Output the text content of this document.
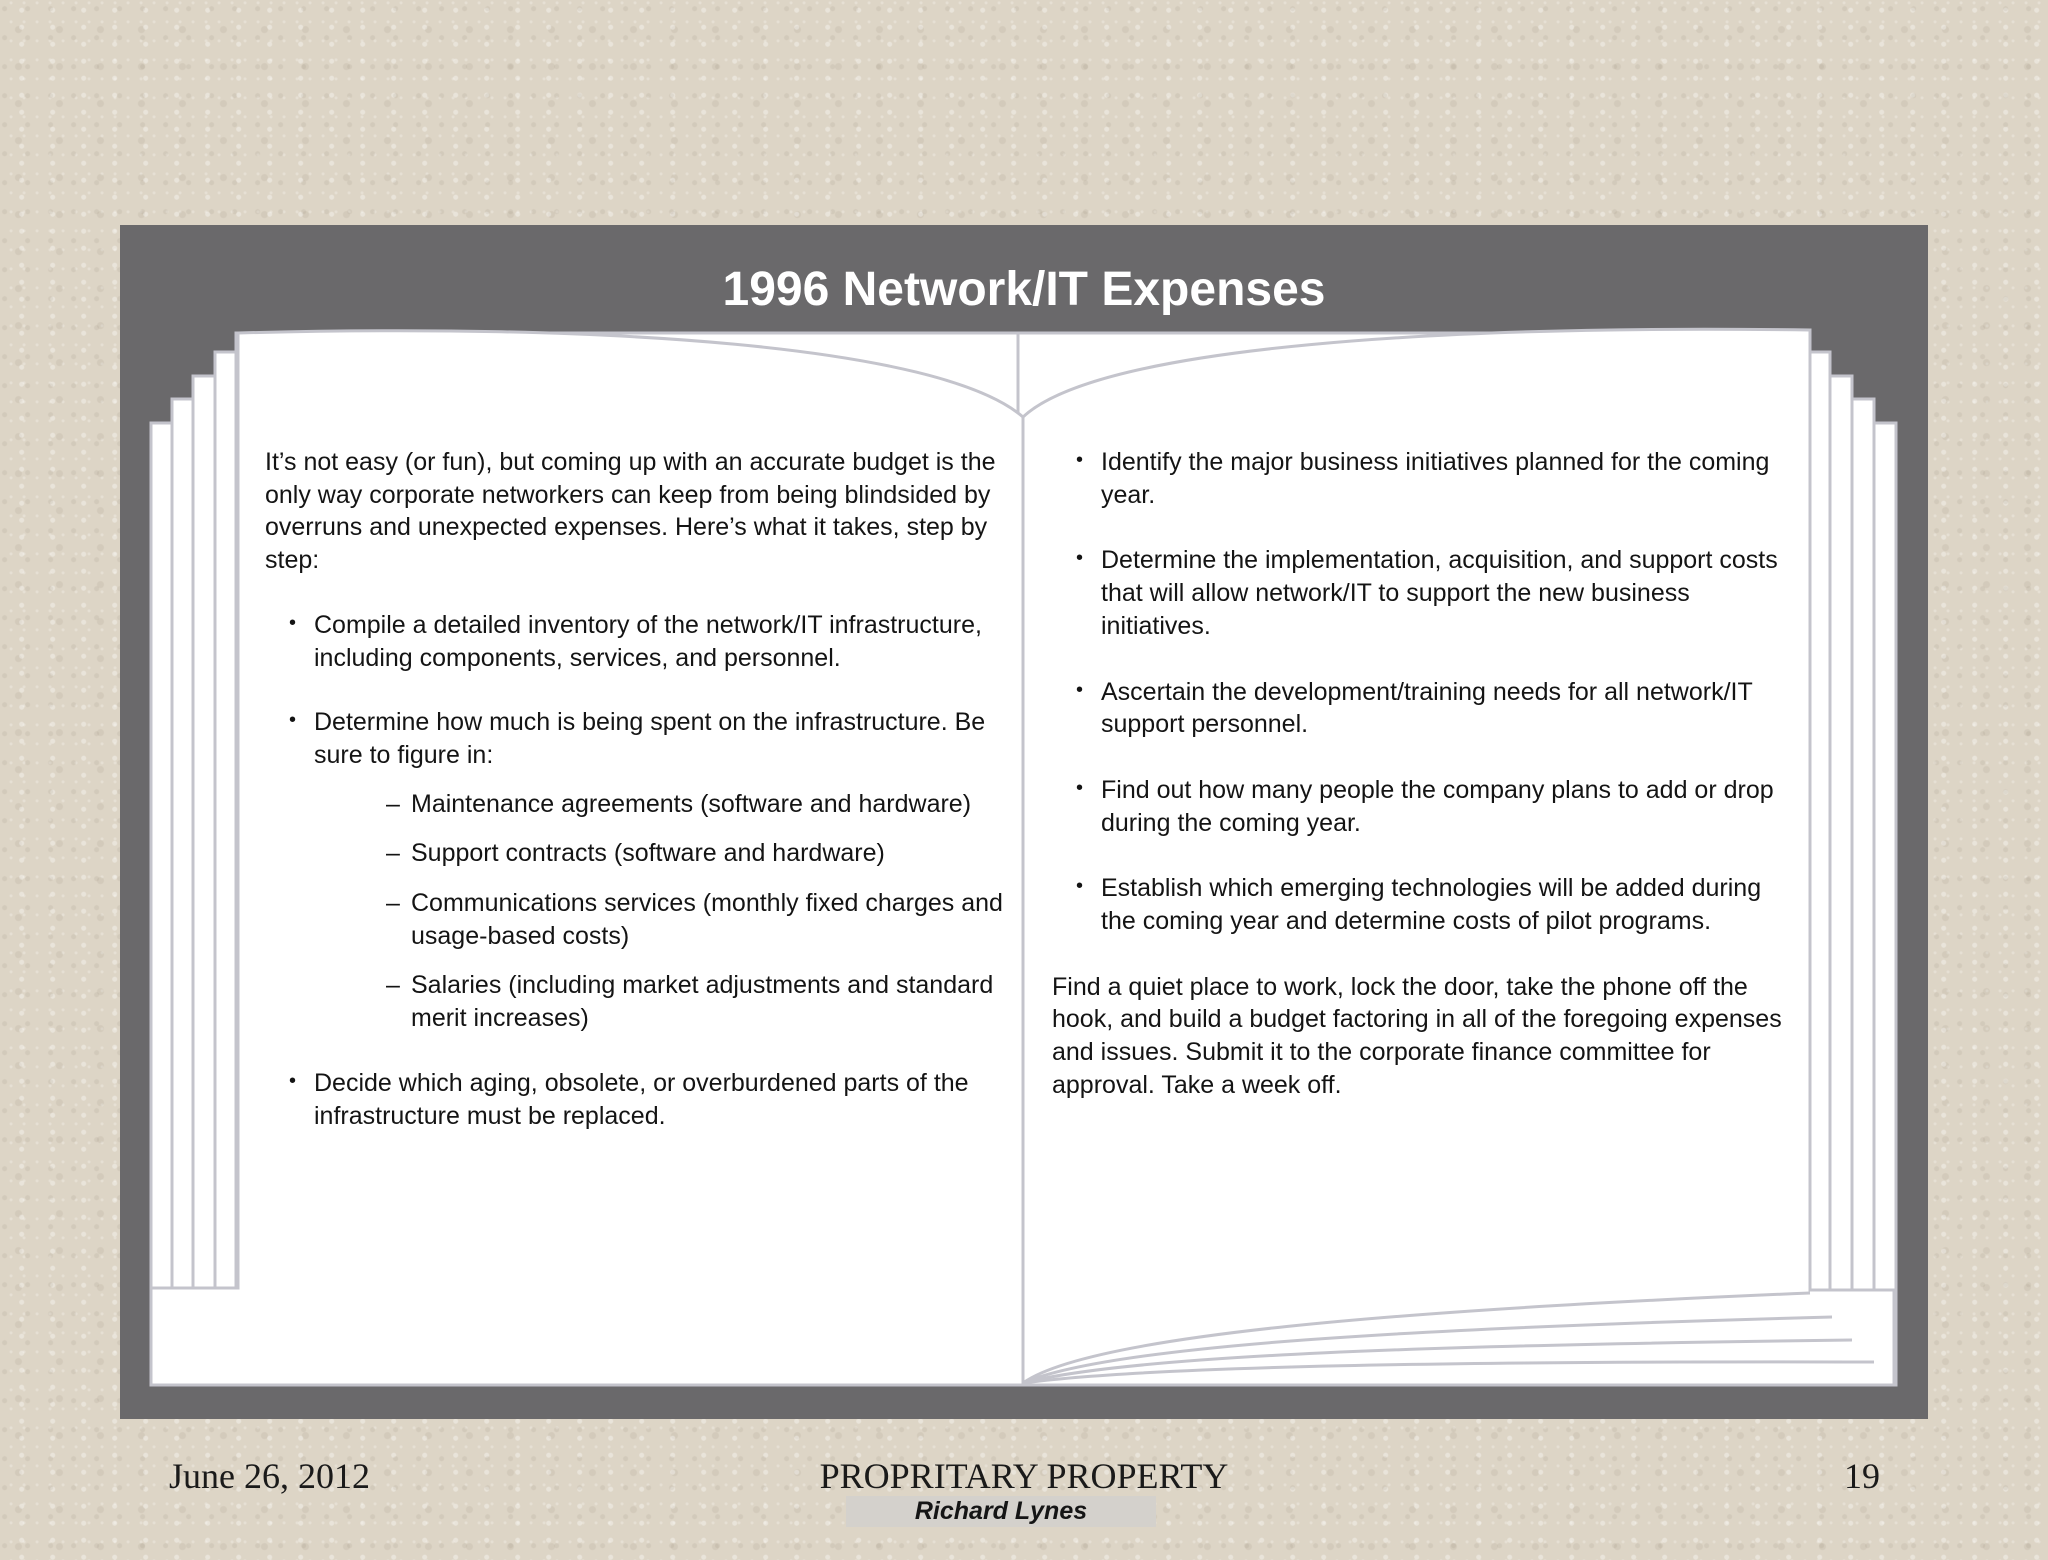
1996 Network/IT Expenses

It’s not easy (or fun), but coming up with an accurate budget is the only way corporate networkers can keep from being blindsided by overruns and unexpected expenses. Here’s what it takes, step by step:

• Compile a detailed inventory of the network/IT infrastructure, including components, services, and personnel.
• Determine how much is being spent on the infrastructure. Be sure to figure in:
– Maintenance agreements (software and hardware)
– Support contracts (software and hardware)
– Communications services (monthly fixed charges and usage-based costs)
– Salaries (including market adjustments and standard merit increases)
• Decide which aging, obsolete, or overburdened parts of the infrastructure must be replaced.
• Identify the major business initiatives planned for the coming year.
• Determine the implementation, acquisition, and support costs that will allow network/IT to support the new business initiatives.
• Ascertain the development/training needs for all network/IT support personnel.
• Find out how many people the company plans to add or drop during the coming year.
• Establish which emerging technologies will be added during the coming year and determine costs of pilot programs.

Find a quiet place to work, lock the door, take the phone off the hook, and build a budget factoring in all of the foregoing expenses and issues. Submit it to the corporate finance committee for approval. Take a week off.

June 26, 2012	PROPRITARY PROPERTY	19

Richard Lynes
